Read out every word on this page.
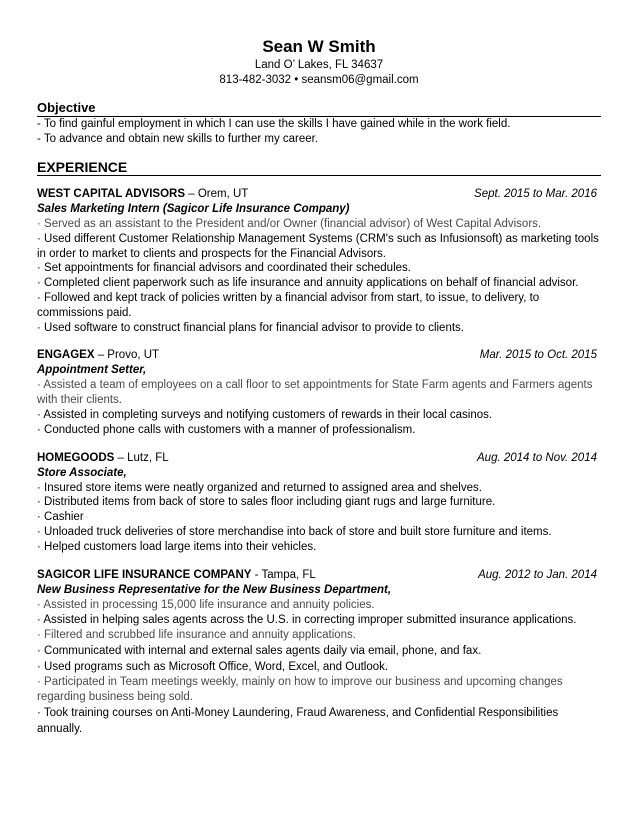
Sean W Smith
Land O’ Lakes, FL 34637
813-482-3032 • seansm06@gmail.com
Objective
- To find gainful employment in which I can use the skills I have gained while in the work field.
- To advance and obtain new skills to further my career.
EXPERIENCE
WEST CAPITAL ADVISORS – Orem, UT	Sept. 2015 to Mar. 2016
Sales Marketing Intern (Sagicor Life Insurance Company)
· Served as an assistant to the President and/or Owner (financial advisor) of West Capital Advisors.
· Used different Customer Relationship Management Systems (CRM's such as Infusionsoft) as marketing tools in order to market to clients and prospects for the Financial Advisors.
· Set appointments for financial advisors and coordinated their schedules.
· Completed client paperwork such as life insurance and annuity applications on behalf of financial advisor.
· Followed and kept track of policies written by a financial advisor from start, to issue, to delivery, to commissions paid.
· Used software to construct financial plans for financial advisor to provide to clients.
ENGAGEX – Provo, UT	Mar. 2015 to Oct. 2015
Appointment Setter,
· Assisted a team of employees on a call floor to set appointments for State Farm agents and Farmers agents with their clients.
· Assisted in completing surveys and notifying customers of rewards in their local casinos.
· Conducted phone calls with customers with a manner of professionalism.
HOMEGOODS – Lutz, FL	Aug. 2014 to Nov. 2014
Store Associate,
· Insured store items were neatly organized and returned to assigned area and shelves.
· Distributed items from back of store to sales floor including giant rugs and large furniture.
· Cashier
· Unloaded truck deliveries of store merchandise into back of store and built store furniture and items.
· Helped customers load large items into their vehicles.
SAGICOR LIFE INSURANCE COMPANY - Tampa, FL	Aug. 2012 to Jan. 2014
New Business Representative for the New Business Department,
· Assisted in processing 15,000 life insurance and annuity policies.
· Assisted in helping sales agents across the U.S. in correcting improper submitted insurance applications.
· Filtered and scrubbed life insurance and annuity applications.
· Communicated with internal and external sales agents daily via email, phone, and fax.
· Used programs such as Microsoft Office, Word, Excel, and Outlook.
· Participated in Team meetings weekly, mainly on how to improve our business and upcoming changes regarding business being sold.
· Took training courses on Anti-Money Laundering, Fraud Awareness, and Confidential Responsibilities annually.
